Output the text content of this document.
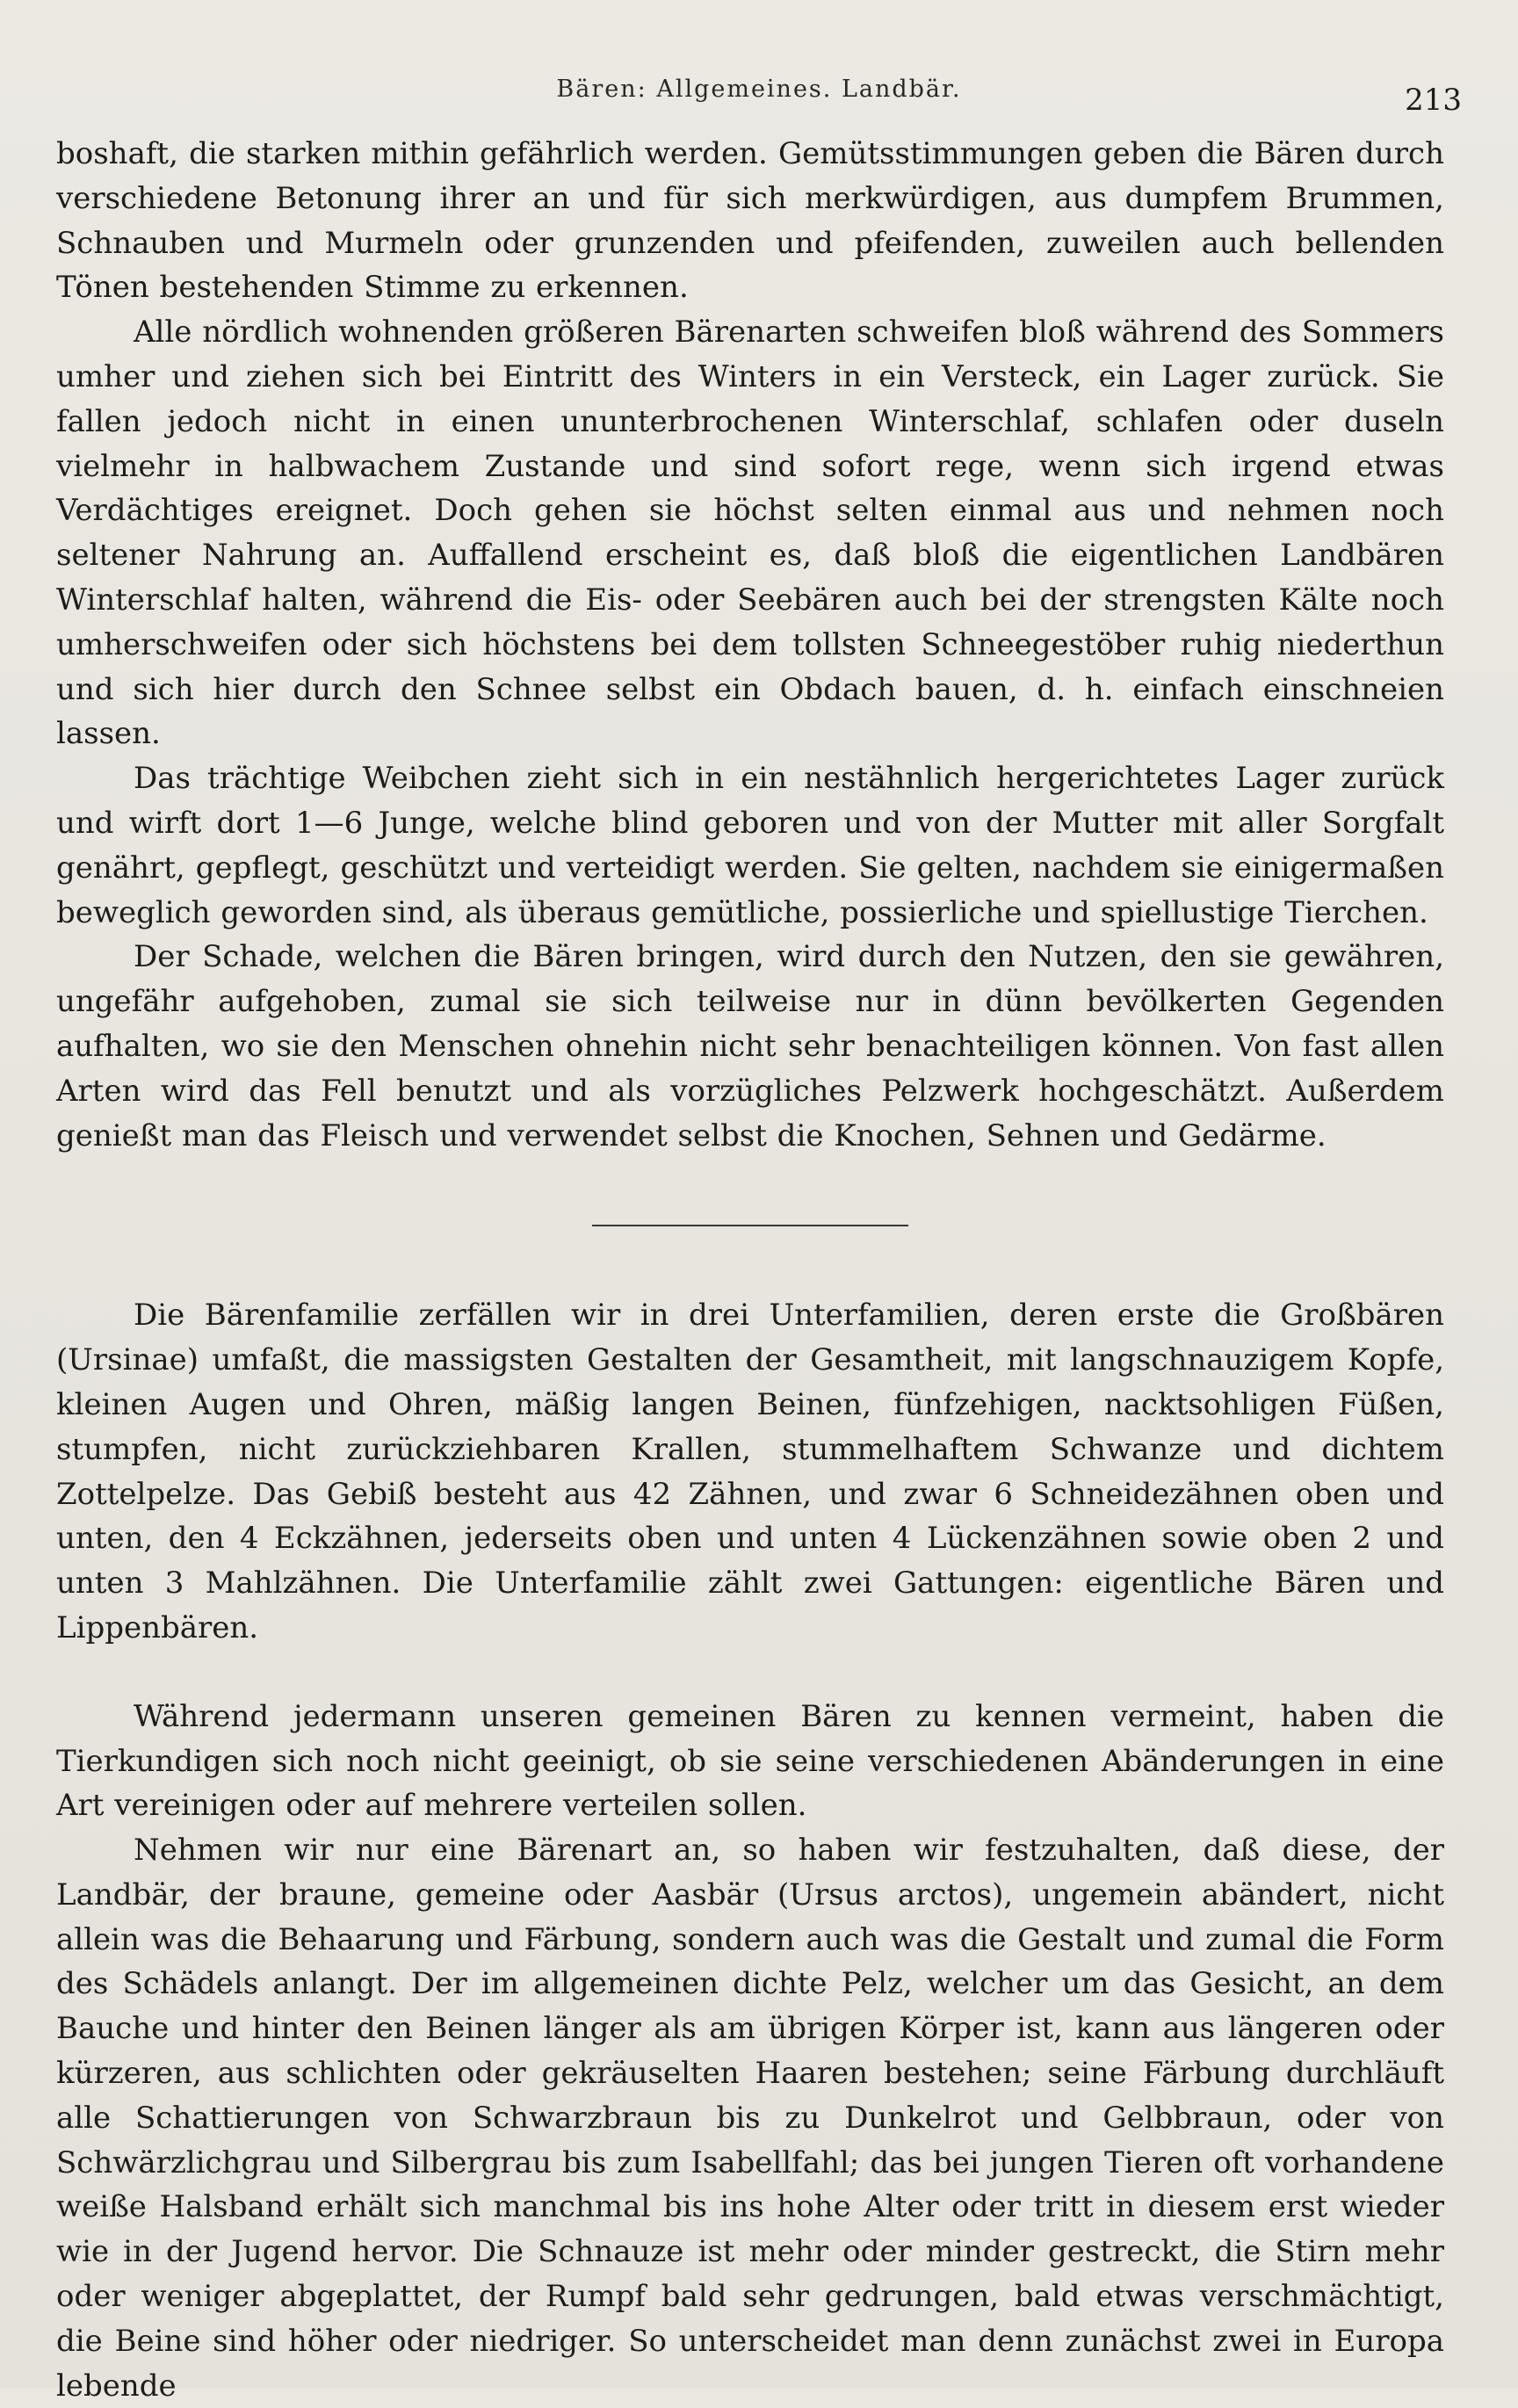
Bären: Allgemeines. Landbär.	213

boshaft, die starken mithin gefährlich werden. Gemütsstimmungen geben die Bären durch verschiedene Betonung ihrer an und für sich merkwürdigen, aus dumpfem Brummen, Schnauben und Murmeln oder grunzenden und pfeifenden, zuweilen auch bellenden Tönen bestehenden Stimme zu erkennen.

Alle nördlich wohnenden größeren Bärenarten schweifen bloß während des Sommers umher und ziehen sich bei Eintritt des Winters in ein Versteck, ein Lager zurück. Sie fallen jedoch nicht in einen ununterbrochenen Winterschlaf, schlafen oder duseln vielmehr in halbwachem Zustande und sind sofort rege, wenn sich irgend etwas Verdächtiges ereignet. Doch gehen sie höchst selten einmal aus und nehmen noch seltener Nahrung an. Auffallend erscheint es, daß bloß die eigentlichen Landbären Winterschlaf halten, während die Eis- oder Seebären auch bei der strengsten Kälte noch umherschweifen oder sich höchstens bei dem tollsten Schneegestöber ruhig niederthun und sich hier durch den Schnee selbst ein Obdach bauen, d. h. einfach einschneien lassen.

Das trächtige Weibchen zieht sich in ein nestähnlich hergerichtetes Lager zurück und wirft dort 1—6 Junge, welche blind geboren und von der Mutter mit aller Sorgfalt genährt, gepflegt, geschützt und verteidigt werden. Sie gelten, nachdem sie einigermaßen beweglich geworden sind, als überaus gemütliche, possierliche und spiellustige Tierchen.

Der Schade, welchen die Bären bringen, wird durch den Nutzen, den sie gewähren, ungefähr aufgehoben, zumal sie sich teilweise nur in dünn bevölkerten Gegenden aufhalten, wo sie den Menschen ohnehin nicht sehr benachteiligen können. Von fast allen Arten wird das Fell benutzt und als vorzügliches Pelzwerk hochgeschätzt. Außerdem genießt man das Fleisch und verwendet selbst die Knochen, Sehnen und Gedärme.

Die Bärenfamilie zerfällen wir in drei Unterfamilien, deren erste die Großbären (Ursinae) umfaßt, die massigsten Gestalten der Gesamtheit, mit langschnauzigem Kopfe, kleinen Augen und Ohren, mäßig langen Beinen, fünfzehigen, nacktsohligen Füßen, stumpfen, nicht zurückziehbaren Krallen, stummelhaftem Schwanze und dichtem Zottelpelze. Das Gebiß besteht aus 42 Zähnen, und zwar 6 Schneidezähnen oben und unten, den 4 Eckzähnen, jederseits oben und unten 4 Lückenzähnen sowie oben 2 und unten 3 Mahlzähnen. Die Unterfamilie zählt zwei Gattungen: eigentliche Bären und Lippenbären.

Während jedermann unseren gemeinen Bären zu kennen vermeint, haben die Tierkundigen sich noch nicht geeinigt, ob sie seine verschiedenen Abänderungen in eine Art vereinigen oder auf mehrere verteilen sollen.

Nehmen wir nur eine Bärenart an, so haben wir festzuhalten, daß diese, der Landbär, der braune, gemeine oder Aasbär (Ursus arctos), ungemein abändert, nicht allein was die Behaarung und Färbung, sondern auch was die Gestalt und zumal die Form des Schädels anlangt. Der im allgemeinen dichte Pelz, welcher um das Gesicht, an dem Bauche und hinter den Beinen länger als am übrigen Körper ist, kann aus längeren oder kürzeren, aus schlichten oder gekräuselten Haaren bestehen; seine Färbung durchläuft alle Schattierungen von Schwarzbraun bis zu Dunkelrot und Gelbbraun, oder von Schwärzlichgrau und Silbergrau bis zum Isabellfahl; das bei jungen Tieren oft vorhandene weiße Halsband erhält sich manchmal bis ins hohe Alter oder tritt in diesem erst wieder wie in der Jugend hervor. Die Schnauze ist mehr oder minder gestreckt, die Stirn mehr oder weniger abgeplattet, der Rumpf bald sehr gedrungen, bald etwas verschmächtigt, die Beine sind höher oder niedriger. So unterscheidet man denn zunächst zwei in Europa lebende
